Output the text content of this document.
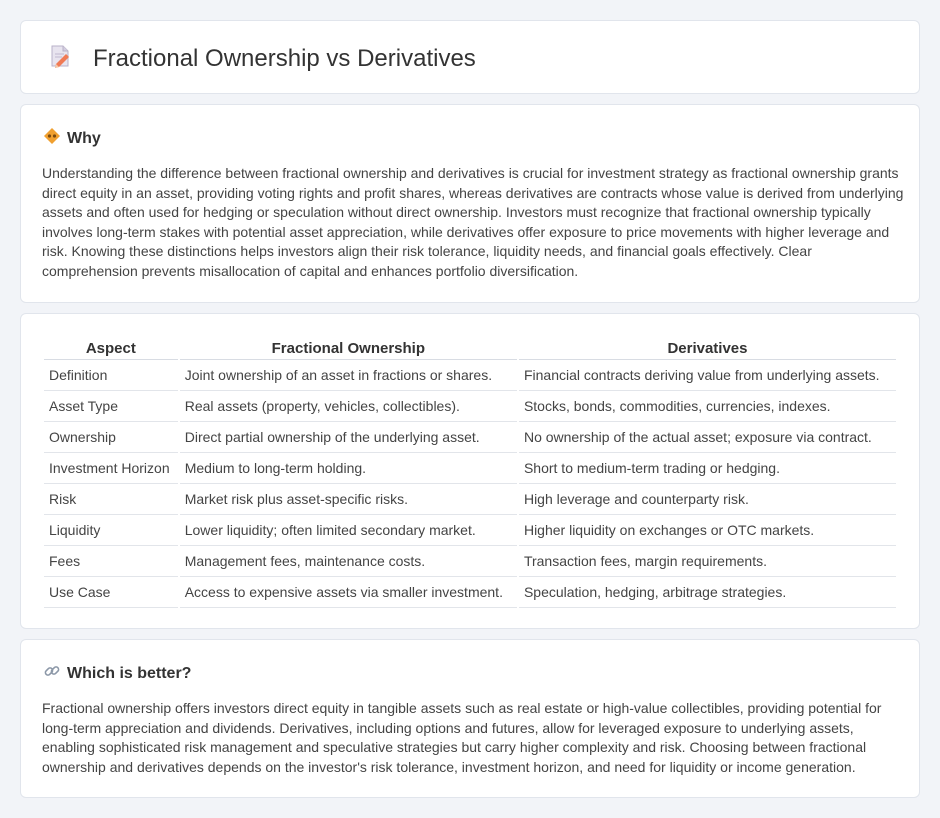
Fractional Ownership vs Derivatives
Why

Understanding the difference between fractional ownership and derivatives is crucial for investment strategy as fractional ownership grants direct equity in an asset, providing voting rights and profit shares, whereas derivatives are contracts whose value is derived from underlying assets and often used for hedging or speculation without direct ownership. Investors must recognize that fractional ownership typically involves long-term stakes with potential asset appreciation, while derivatives offer exposure to price movements with higher leverage and risk. Knowing these distinctions helps investors align their risk tolerance, liquidity needs, and financial goals effectively. Clear comprehension prevents misallocation of capital and enhances portfolio diversification.

Aspect	Fractional Ownership	Derivatives
Definition	Joint ownership of an asset in fractions or shares.	Financial contracts deriving value from underlying assets.
Asset Type	Real assets (property, vehicles, collectibles).	Stocks, bonds, commodities, currencies, indexes.
Ownership	Direct partial ownership of the underlying asset.	No ownership of the actual asset; exposure via contract.
Investment Horizon	Medium to long-term holding.	Short to medium-term trading or hedging.
Risk	Market risk plus asset-specific risks.	High leverage and counterparty risk.
Liquidity	Lower liquidity; often limited secondary market.	Higher liquidity on exchanges or OTC markets.
Fees	Management fees, maintenance costs.	Transaction fees, margin requirements.
Use Case	Access to expensive assets via smaller investment.	Speculation, hedging, arbitrage strategies.
Which is better?

Fractional ownership offers investors direct equity in tangible assets such as real estate or high-value collectibles, providing potential for long-term appreciation and dividends. Derivatives, including options and futures, allow for leveraged exposure to underlying assets, enabling sophisticated risk management and speculative strategies but carry higher complexity and risk. Choosing between fractional ownership and derivatives depends on the investor's risk tolerance, investment horizon, and need for liquidity or income generation.
